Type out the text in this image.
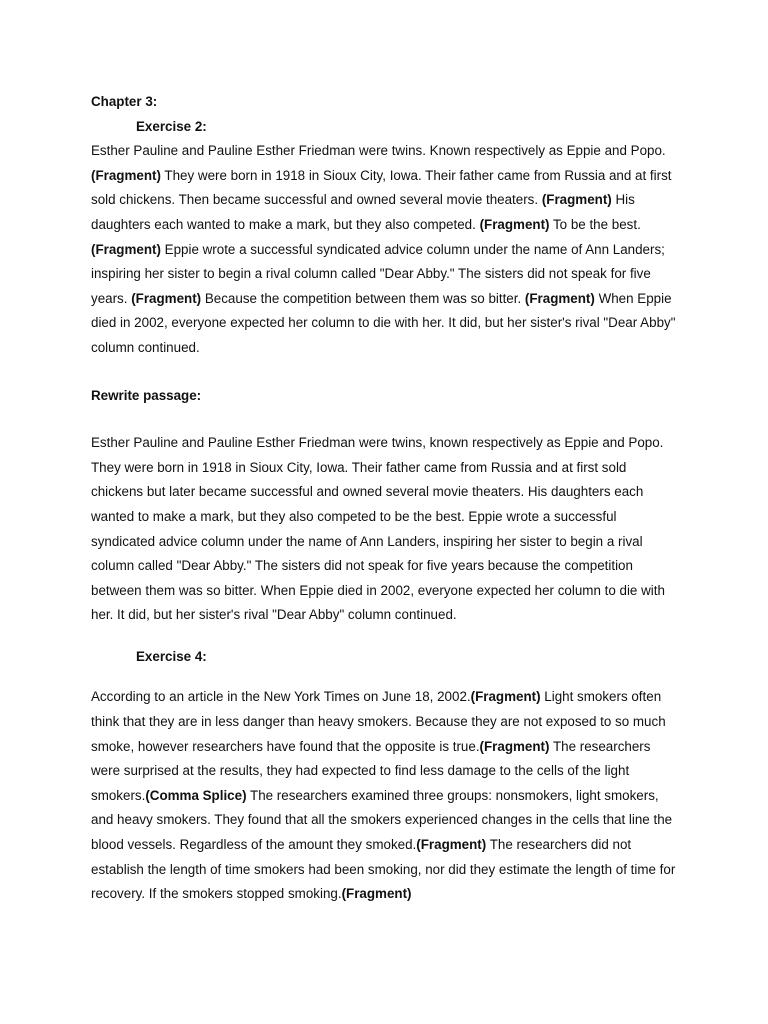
Chapter 3:

Exercise 2:

Esther Pauline and Pauline Esther Friedman were twins. Known respectively as Eppie and Popo. (Fragment) They were born in 1918 in Sioux City, Iowa. Their father came from Russia and at first sold chickens. Then became successful and owned several movie theaters. (Fragment) His daughters each wanted to make a mark, but they also competed. (Fragment) To be the best. (Fragment) Eppie wrote a successful syndicated advice column under the name of Ann Landers; inspiring her sister to begin a rival column called "Dear Abby." The sisters did not speak for five years. (Fragment) Because the competition between them was so bitter. (Fragment) When Eppie died in 2002, everyone expected her column to die with her. It did, but her sister's rival "Dear Abby" column continued.

Rewrite passage:

Esther Pauline and Pauline Esther Friedman were twins, known respectively as Eppie and Popo. They were born in 1918 in Sioux City, Iowa. Their father came from Russia and at first sold chickens but later became successful and owned several movie theaters. His daughters each wanted to make a mark, but they also competed to be the best. Eppie wrote a successful syndicated advice column under the name of Ann Landers, inspiring her sister to begin a rival column called "Dear Abby." The sisters did not speak for five years because the competition between them was so bitter. When Eppie died in 2002, everyone expected her column to die with her. It did, but her sister's rival "Dear Abby" column continued.

Exercise 4:

According to an article in the New York Times on June 18, 2002.(Fragment) Light smokers often think that they are in less danger than heavy smokers. Because they are not exposed to so much smoke, however researchers have found that the opposite is true.(Fragment) The researchers were surprised at the results, they had expected to find less damage to the cells of the light smokers.(Comma Splice) The researchers examined three groups: nonsmokers, light smokers, and heavy smokers. They found that all the smokers experienced changes in the cells that line the blood vessels. Regardless of the amount they smoked.(Fragment) The researchers did not establish the length of time smokers had been smoking, nor did they estimate the length of time for recovery. If the smokers stopped smoking.(Fragment)
